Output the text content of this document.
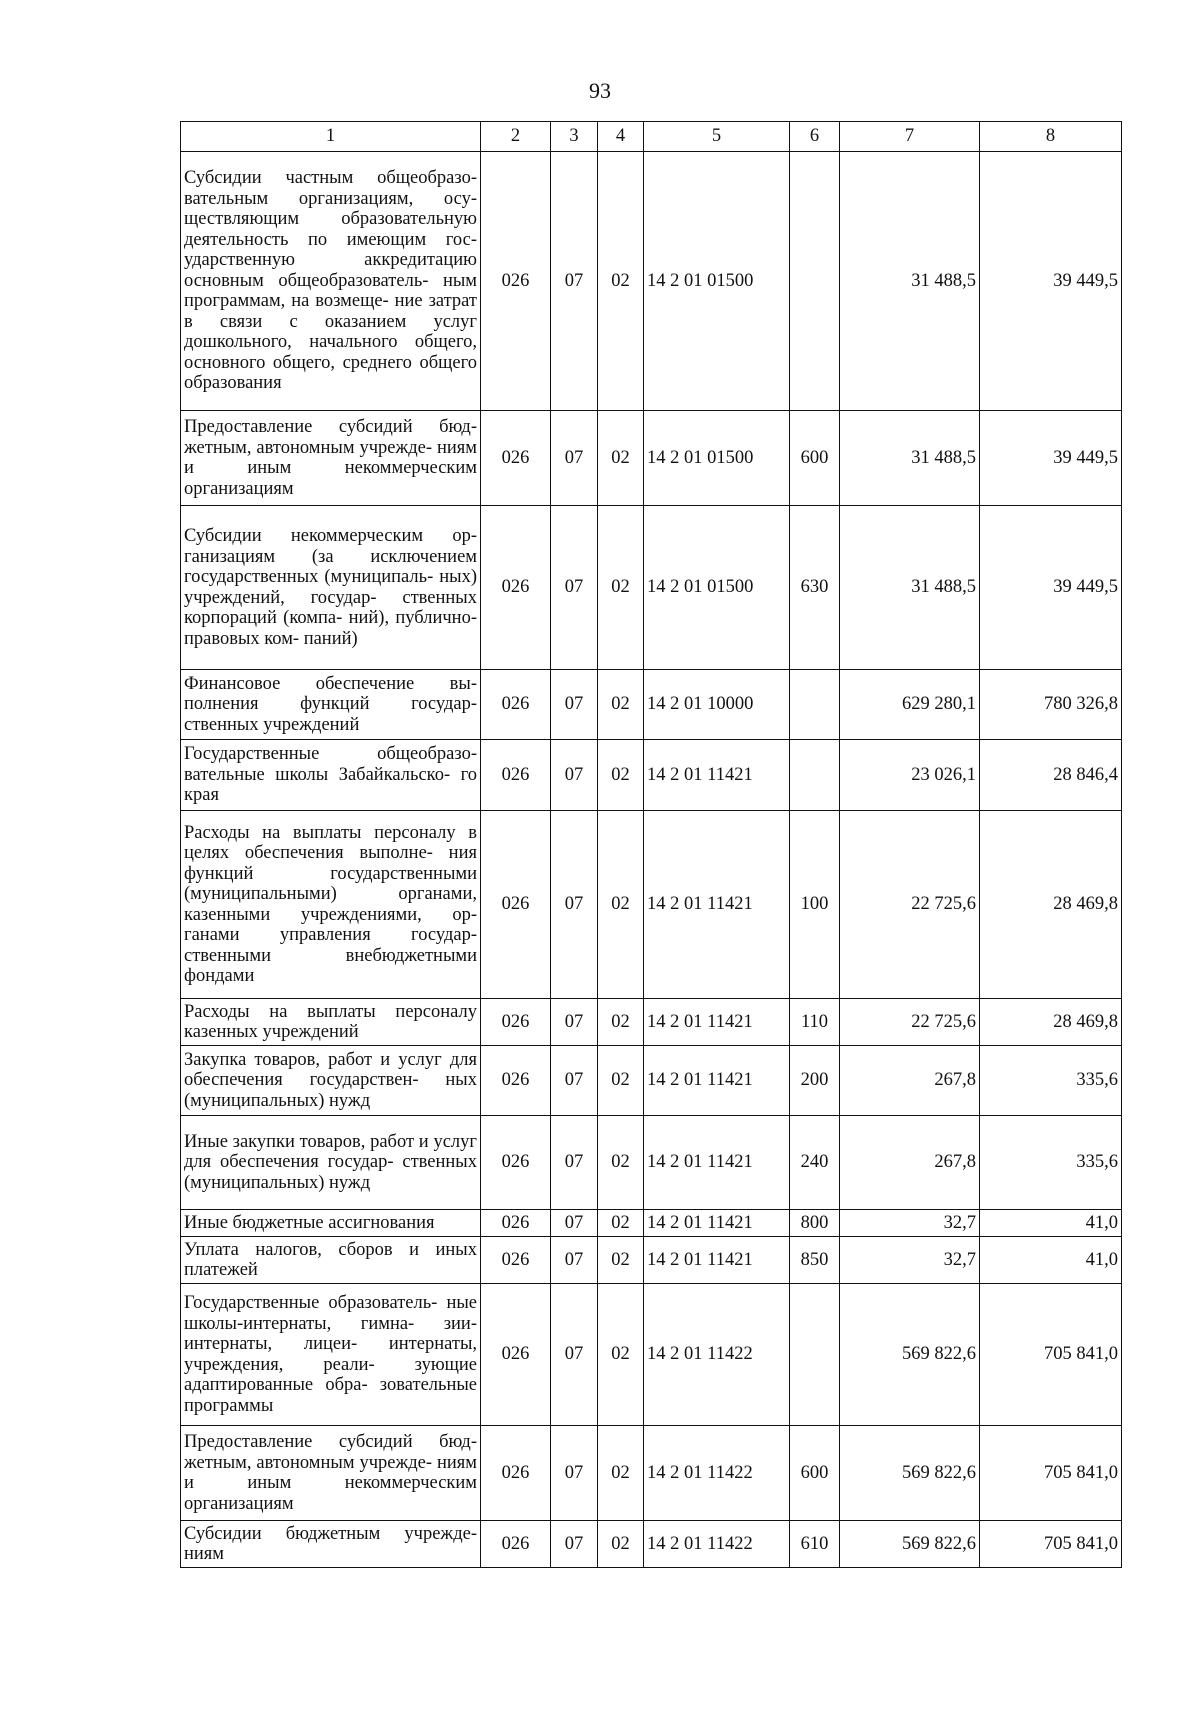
93
1	2	3	4	5	6	7	8
Субсидии частным общеобразо- вательным организациям, осу- ществляющим образовательную деятельность по имеющим гос- ударственную аккредитацию основным общеобразователь- ным программам, на возмеще- ние затрат в связи с оказанием услуг дошкольного, начального общего, основного общего, среднего общего образования	026	07	02	14 2 01 01500		31 488,5	39 449,5
Предоставление субсидий бюд- жетным, автономным учрежде- ниям и иным некоммерческим организациям	026	07	02	14 2 01 01500	600	31 488,5	39 449,5
Субсидии некоммерческим ор- ганизациям (за исключением государственных (муниципаль- ных) учреждений, государ- ственных корпораций (компа- ний), публично-правовых ком- паний)	026	07	02	14 2 01 01500	630	31 488,5	39 449,5
Финансовое обеспечение вы- полнения функций государ- ственных учреждений	026	07	02	14 2 01 10000		629 280,1	780 326,8
Государственные общеобразо- вательные школы Забайкальско- го края	026	07	02	14 2 01 11421		23 026,1	28 846,4
Расходы на выплаты персоналу в целях обеспечения выполне- ния функций государственными (муниципальными) органами, казенными учреждениями, ор- ганами управления государ- ственными внебюджетными фондами	026	07	02	14 2 01 11421	100	22 725,6	28 469,8
Расходы на выплаты персоналу казенных учреждений	026	07	02	14 2 01 11421	110	22 725,6	28 469,8
Закупка товаров, работ и услуг для обеспечения государствен- ных (муниципальных) нужд	026	07	02	14 2 01 11421	200	267,8	335,6
Иные закупки товаров, работ и услуг для обеспечения государ- ственных (муниципальных) нужд	026	07	02	14 2 01 11421	240	267,8	335,6
Иные бюджетные ассигнования	026	07	02	14 2 01 11421	800	32,7	41,0
Уплата налогов, сборов и иных платежей	026	07	02	14 2 01 11421	850	32,7	41,0
Государственные образователь- ные школы-интернаты, гимна- зии-интернаты, лицеи- интернаты, учреждения, реали- зующие адаптированные обра- зовательные программы	026	07	02	14 2 01 11422		569 822,6	705 841,0
Предоставление субсидий бюд- жетным, автономным учрежде- ниям и иным некоммерческим организациям	026	07	02	14 2 01 11422	600	569 822,6	705 841,0
Субсидии бюджетным учрежде- ниям	026	07	02	14 2 01 11422	610	569 822,6	705 841,0
